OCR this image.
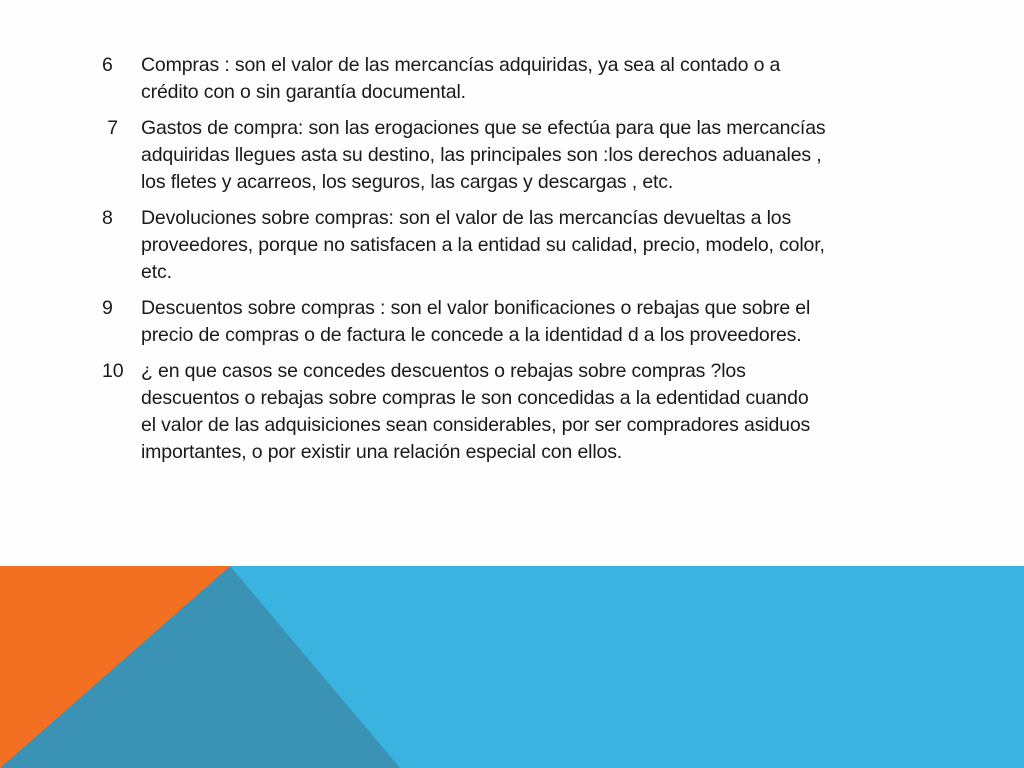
6	Compras : son el valor de las mercancías adquiridas, ya sea al contado o a
crédito con o sin garantía documental.
7	Gastos de compra: son las erogaciones que se efectúa para que las mercancías
adquiridas llegues asta su destino, las principales son :los derechos aduanales ,
los fletes y acarreos, los seguros, las cargas y descargas , etc.
8	Devoluciones sobre compras: son el valor de las mercancías devueltas a los
proveedores, porque no satisfacen a la entidad su calidad, precio, modelo, color,
etc.
9	Descuentos sobre compras : son el valor bonificaciones o rebajas que sobre el
precio de compras o de factura le concede a la identidad d a los proveedores.
10 ¿ en que casos se concedes descuentos o rebajas sobre compras ?los
descuentos o rebajas sobre compras le son concedidas a la edentidad cuando
el valor de las adquisiciones sean considerables, por ser compradores asiduos
importantes, o por existir una relación especial con ellos.
